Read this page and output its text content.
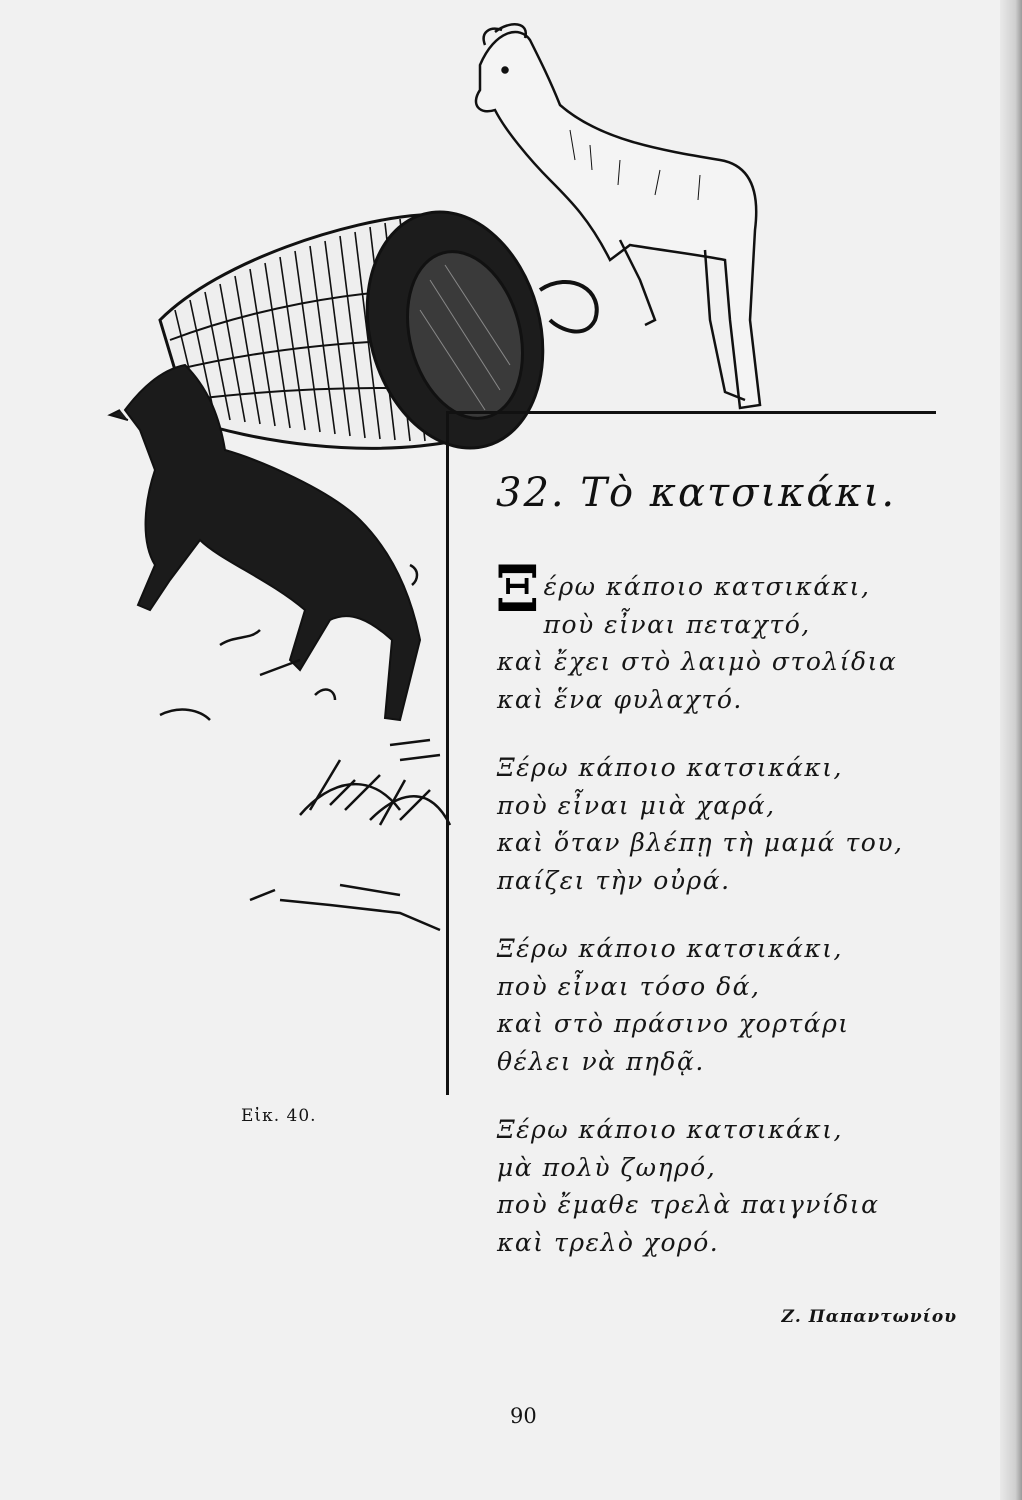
32. Τὸ κατσικάκι.
Ξ έρω κάποιο κατσικάκι,
ποὺ εἶναι πεταχτό,
καὶ ἔχει στὸ λαιμὸ στολίδια
καὶ ἕνα φυλαχτό.
Ξέρω κάποιο κατσικάκι,
ποὺ εἶναι μιὰ χαρά,
καὶ ὅταν βλέπῃ τὴ μαμά του,
παίζει τὴν οὐρά.
Ξέρω κάποιο κατσικάκι,
ποὺ εἶναι τόσο δά,
καὶ στὸ πράσινο χορτάρι
θέλει νὰ πηδᾷ.
Ξέρω κάποιο κατσικάκι,
μὰ πολὺ ζωηρό,
ποὺ ἔμαθε τρελὰ παιγνίδια
καὶ τρελὸ χορό.
Ζ. Παπαντωνίου
Εἰκ. 40.
90
